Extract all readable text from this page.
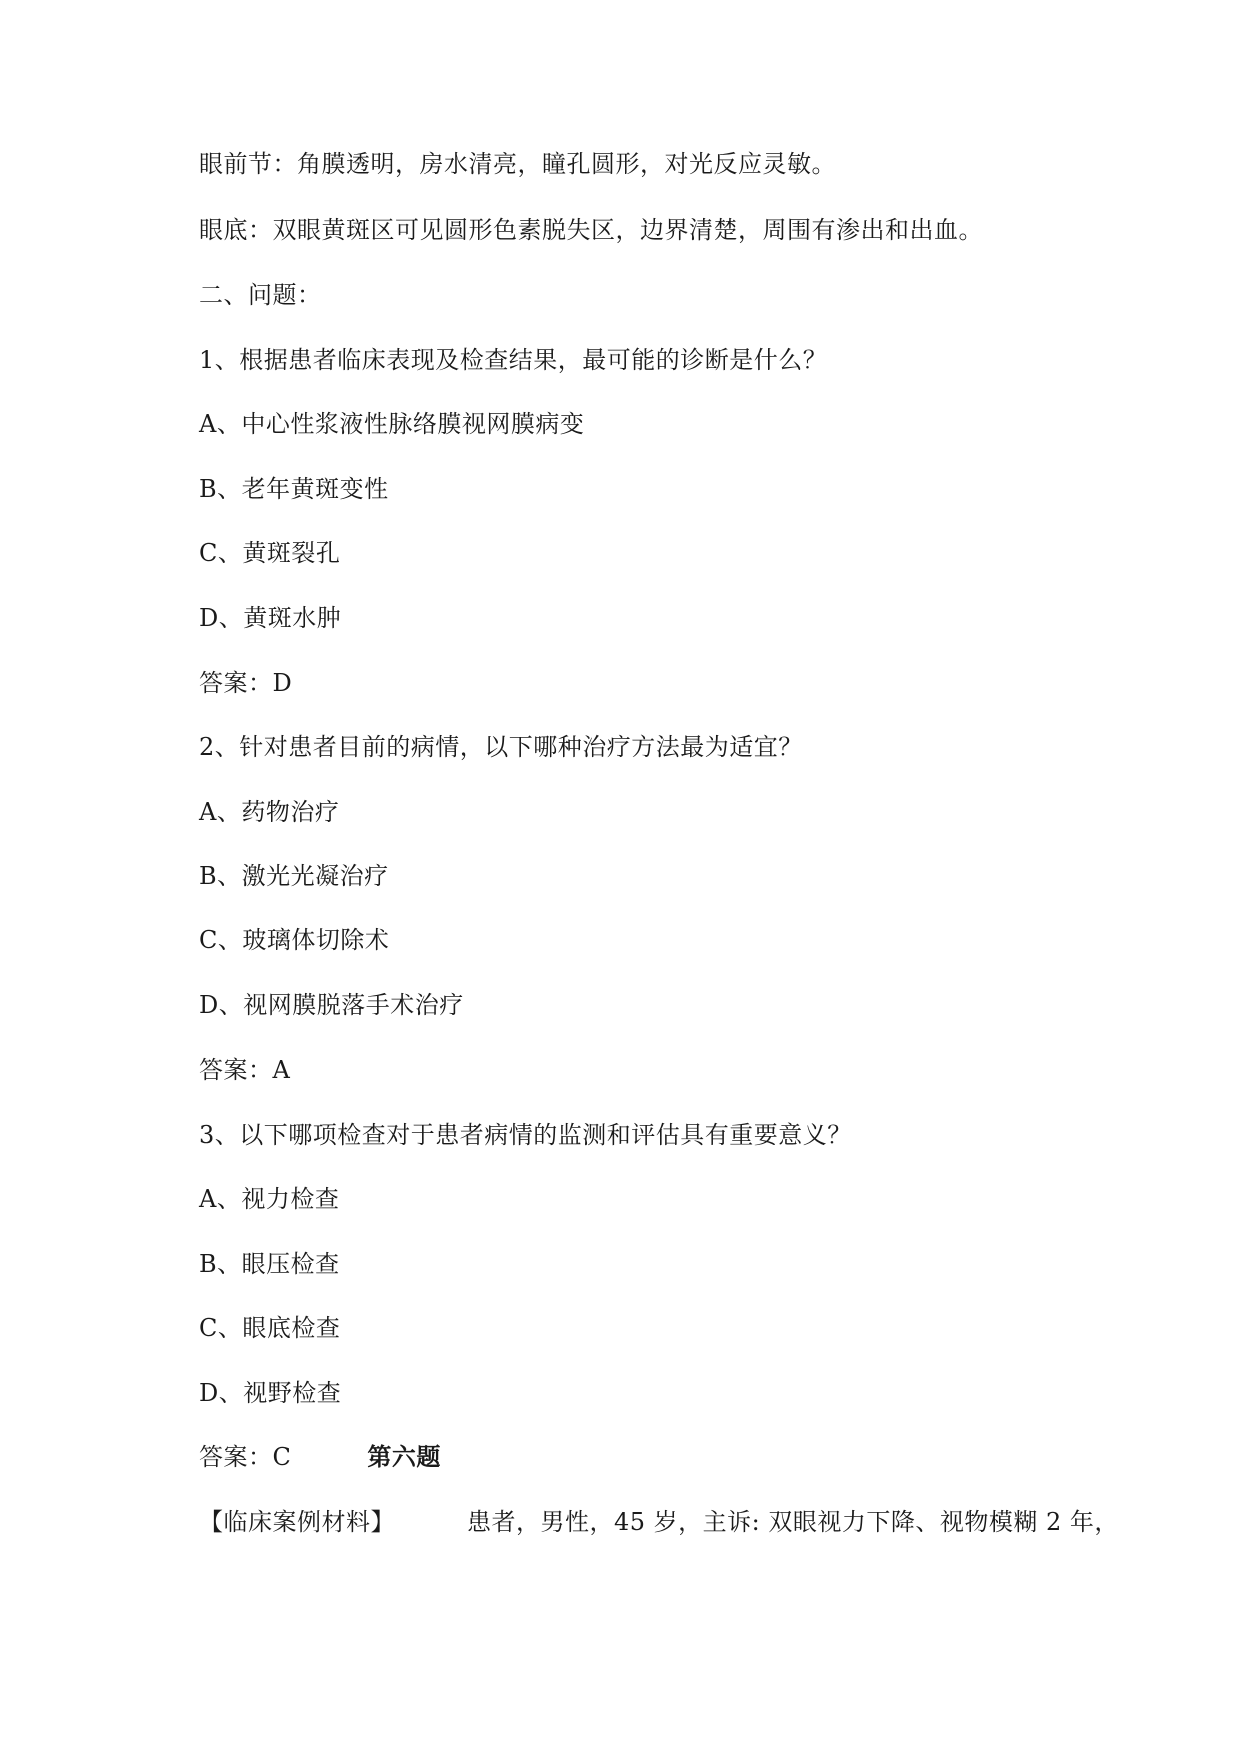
眼前节：角膜透明，房水清亮，瞳孔圆形，对光反应灵敏。
眼底：双眼黄斑区可见圆形色素脱失区，边界清楚，周围有渗出和出血。
二、问题：
1、根据患者临床表现及检查结果，最可能的诊断是什么？
A、中心性浆液性脉络膜视网膜病变
B、老年黄斑变性
C、黄斑裂孔
D、黄斑水肿
答案：D
2、针对患者目前的病情，以下哪种治疗方法最为适宜？
A、药物治疗
B、激光光凝治疗
C、玻璃体切除术
D、视网膜脱落手术治疗
答案：A
3、以下哪项检查对于患者病情的监测和评估具有重要意义？
A、视力检查
B、眼压检查
C、眼底检查
D、视野检查
答案：C	第六题
【临床案例材料】	患者，男性，45 岁，主诉: 双眼视力下降、视物模糊 2 年，
